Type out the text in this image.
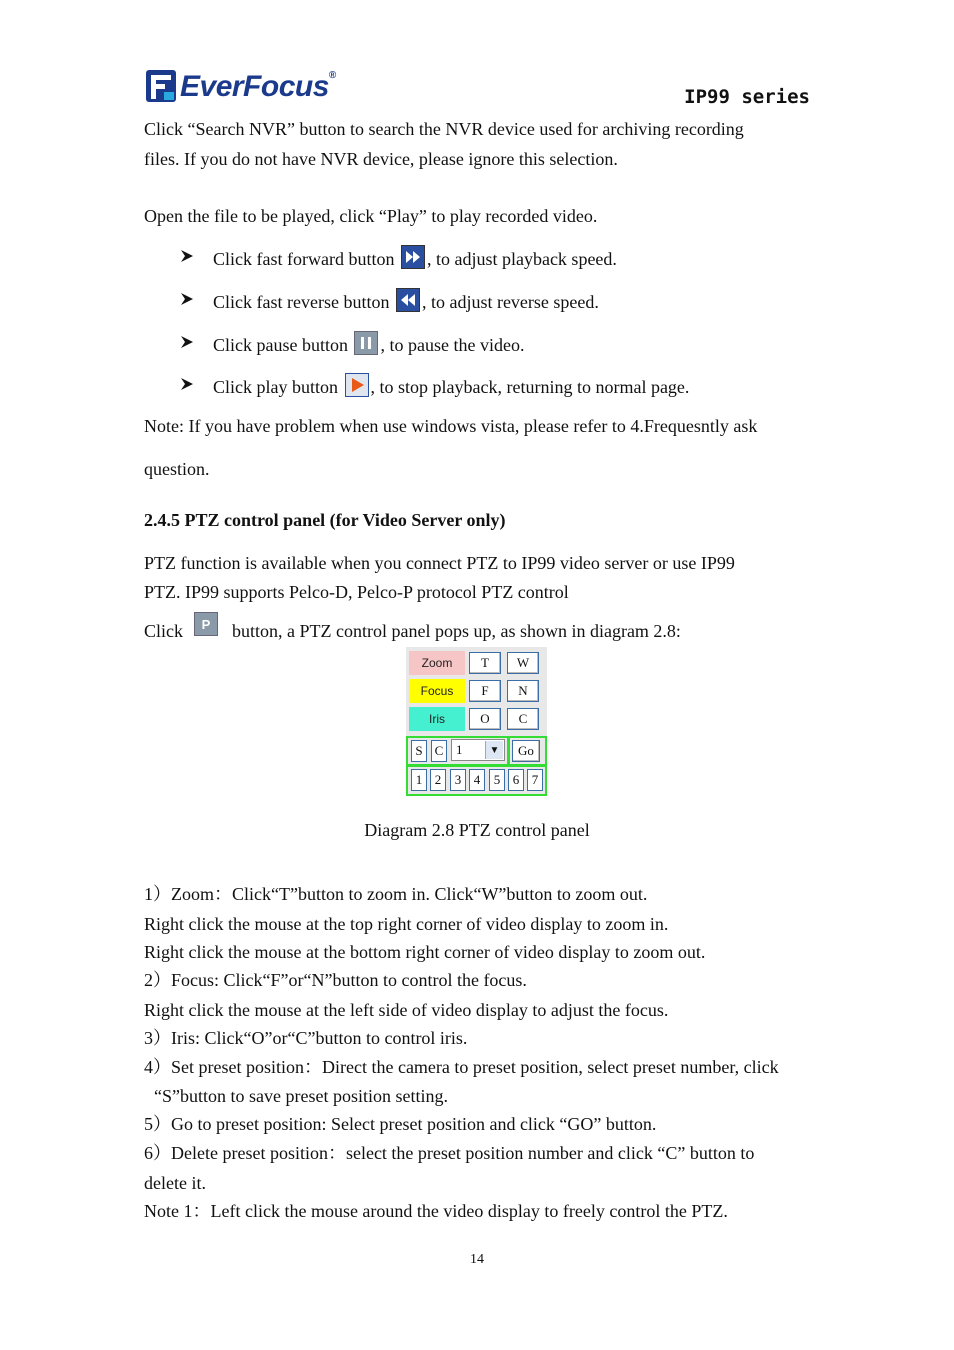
EverFocus®
IP99 series
Click “Search NVR” button to search the NVR device used for archiving recording
files. If you do not have NVR device, please ignore this selection.
Open the file to be played, click “Play” to play recorded video.
Click fast forward button , to adjust playback speed.
Click fast reverse button , to adjust reverse speed.
Click pause button , to pause the video.
Click play button , to stop playback, returning to normal page.
Note: If you have problem when use windows vista, please refer to 4.Frequesntly ask
question.
2.4.5 PTZ control panel (for Video Server only)
PTZ function is available when you connect PTZ to IP99 video server or use IP99
PTZ. IP99 supports Pelco-D, Pelco-P protocol PTZ control
Click P button, a PTZ control panel pops up, as shown in diagram 2.8:
Zoom	T	W
Focus	F	N
Iris	O	C
S C 1	▼	Go
1 2	3 4	5 6 7
Diagram 2.8 PTZ control panel
1）Zoom：Click“T”button to zoom in. Click“W”button to zoom out.
Right click the mouse at the top right corner of video display to zoom in.
Right click the mouse at the bottom right corner of video display to zoom out.
2）Focus: Click“F”or“N”button to control the focus.
Right click the mouse at the left side of video display to adjust the focus.
3）Iris: Click“O”or“C”button to control iris.
4）Set preset position：Direct the camera to preset position, select preset number, click
“S”button to save preset position setting.
5）Go to preset position: Select preset position and click “GO” button.
6）Delete preset position：select the preset position number and click “C” button to
delete it.
Note 1：Left click the mouse around the video display to freely control the PTZ.
14
